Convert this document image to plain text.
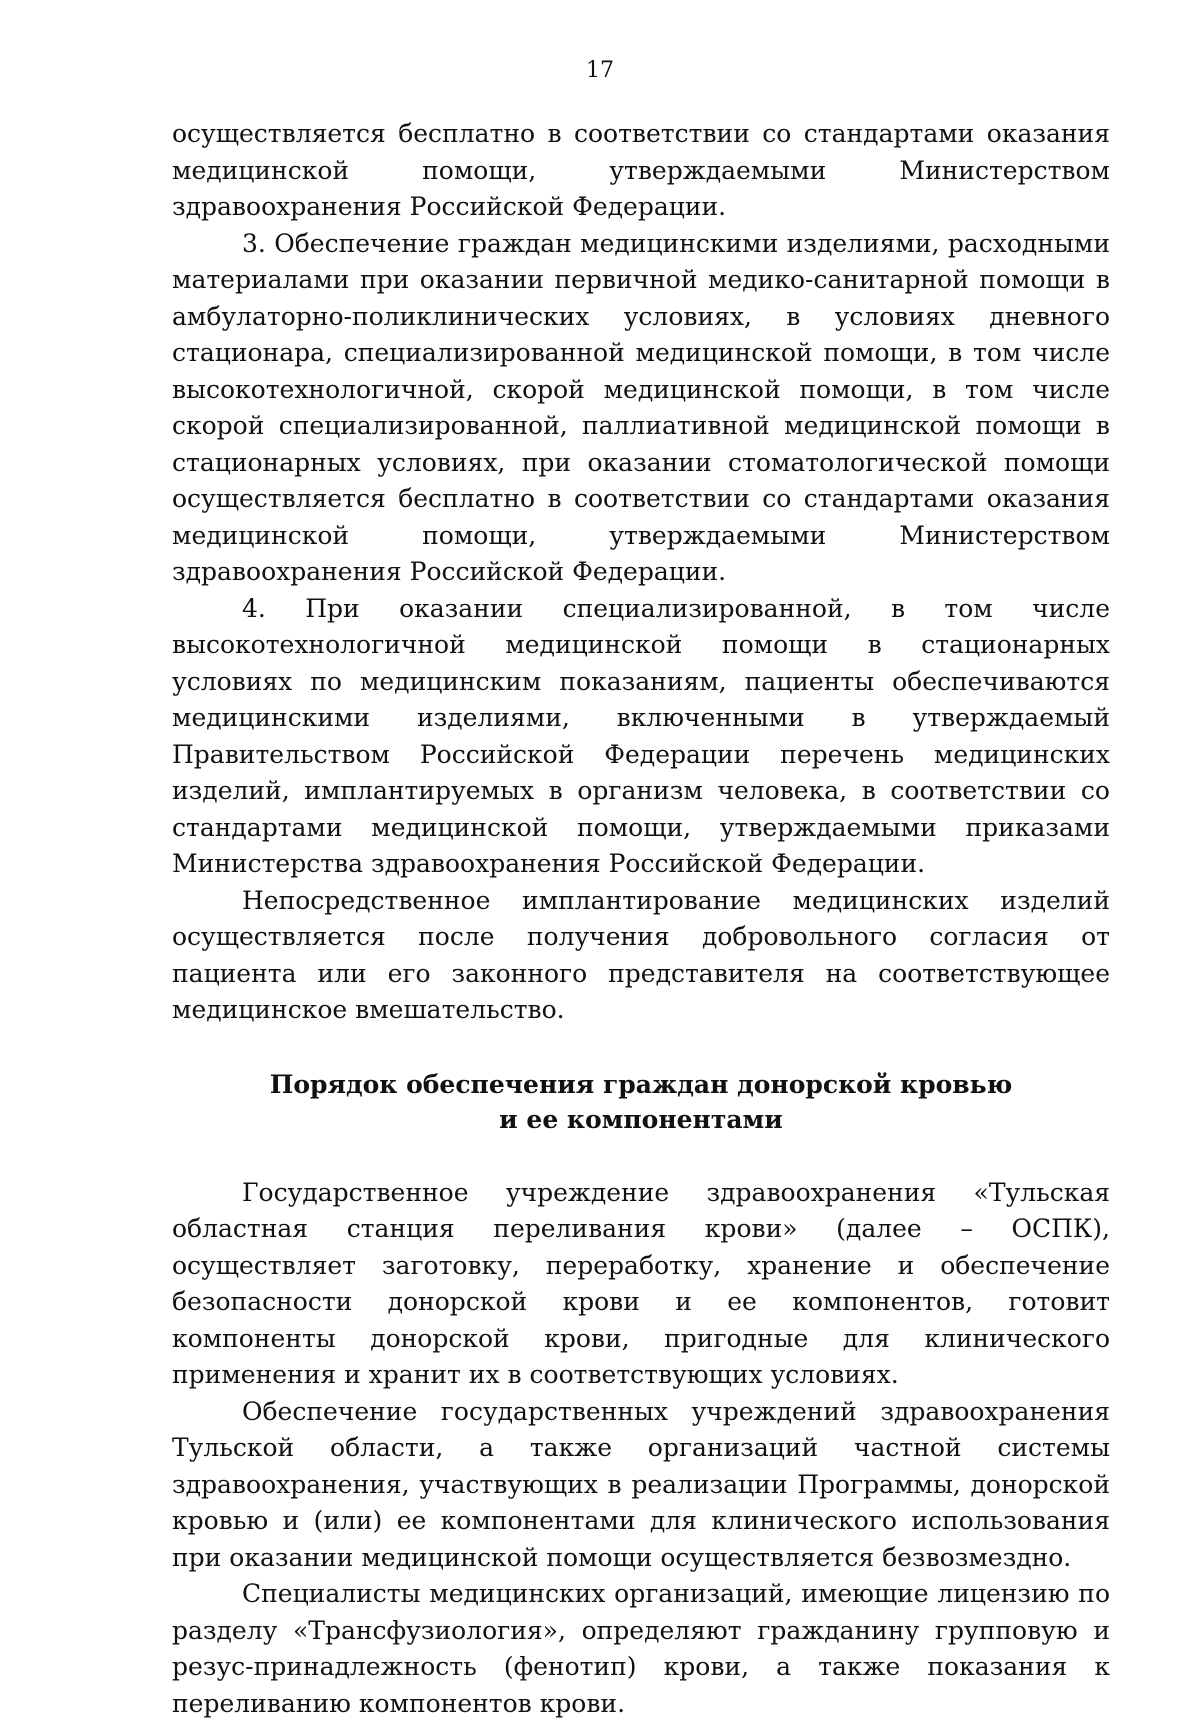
17

осуществляется бесплатно в соответствии со стандартами оказания медицинской помощи, утверждаемыми Министерством здравоохранения Российской Федерации.

3. Обеспечение граждан медицинскими изделиями, расходными материалами при оказании первичной медико-санитарной помощи в амбулаторно-поликлинических условиях, в условиях дневного стационара, специализированной медицинской помощи, в том числе высокотехнологичной, скорой медицинской помощи, в том числе скорой специализированной, паллиативной медицинской помощи в стационарных условиях, при оказании стоматологической помощи осуществляется бесплатно в соответствии со стандартами оказания медицинской помощи, утверждаемыми Министерством здравоохранения Российской Федерации.

4. При оказании специализированной, в том числе высокотехнологичной медицинской помощи в стационарных условиях по медицинским показаниям, пациенты обеспечиваются медицинскими изделиями, включенными в утверждаемый Правительством Российской Федерации перечень медицинских изделий, имплантируемых в организм человека, в соответствии со стандартами медицинской помощи, утверждаемыми приказами Министерства здравоохранения Российской Федерации.

Непосредственное имплантирование медицинских изделий осуществляется после получения добровольного согласия от пациента или его законного представителя на соответствующее медицинское вмешательство.

Порядок обеспечения граждан донорской кровью
и ее компонентами

Государственное учреждение здравоохранения «Тульская областная станция переливания крови» (далее – ОСПК), осуществляет заготовку, переработку, хранение и обеспечение безопасности донорской крови и ее компонентов, готовит компоненты донорской крови, пригодные для клинического применения и хранит их в соответствующих условиях.

Обеспечение государственных учреждений здравоохранения Тульской области, а также организаций частной системы здравоохранения, участвующих в реализации Программы, донорской кровью и (или) ее компонентами для клинического использования при оказании медицинской помощи осуществляется безвозмездно.

Специалисты медицинских организаций, имеющие лицензию по разделу «Трансфузиология», определяют гражданину групповую и резус-принадлежность (фенотип) крови, а также показания к переливанию компонентов крови.
